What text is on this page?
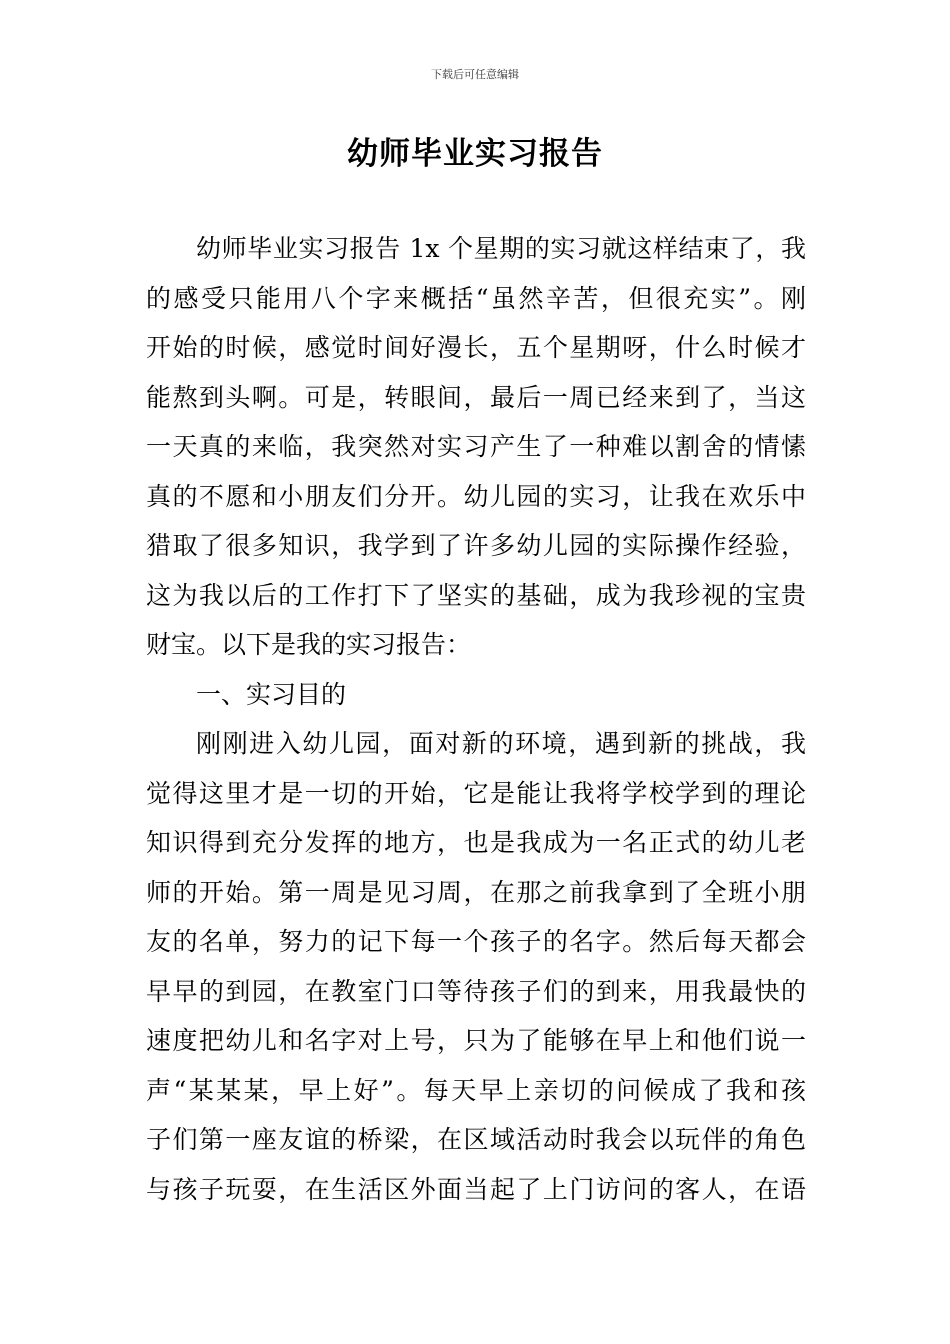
下载后可任意编辑
幼师毕业实习报告
幼师毕业实习报告 1x 个星期的实习就这样结束了，我
的感受只能用八个字来概括“虽然辛苦，但很充实”。刚
开始的时候，感觉时间好漫长，五个星期呀，什么时候才
能熬到头啊。可是，转眼间，最后一周已经来到了，当这
一天真的来临，我突然对实习产生了一种难以割舍的情愫
真的不愿和小朋友们分开。幼儿园的实习，让我在欢乐中
猎取了很多知识，我学到了许多幼儿园的实际操作经验，
这为我以后的工作打下了坚实的基础，成为我珍视的宝贵
财宝。以下是我的实习报告：
一、实习目的
刚刚进入幼儿园，面对新的环境，遇到新的挑战，我
觉得这里才是一切的开始，它是能让我将学校学到的理论
知识得到充分发挥的地方，也是我成为一名正式的幼儿老
师的开始。第一周是见习周，在那之前我拿到了全班小朋
友的名单，努力的记下每一个孩子的名字。然后每天都会
早早的到园，在教室门口等待孩子们的到来，用我最快的
速度把幼儿和名字对上号，只为了能够在早上和他们说一
声“某某某，早上好”。每天早上亲切的问候成了我和孩
子们第一座友谊的桥梁，在区域活动时我会以玩伴的角色
与孩子玩耍，在生活区外面当起了上门访问的客人，在语
